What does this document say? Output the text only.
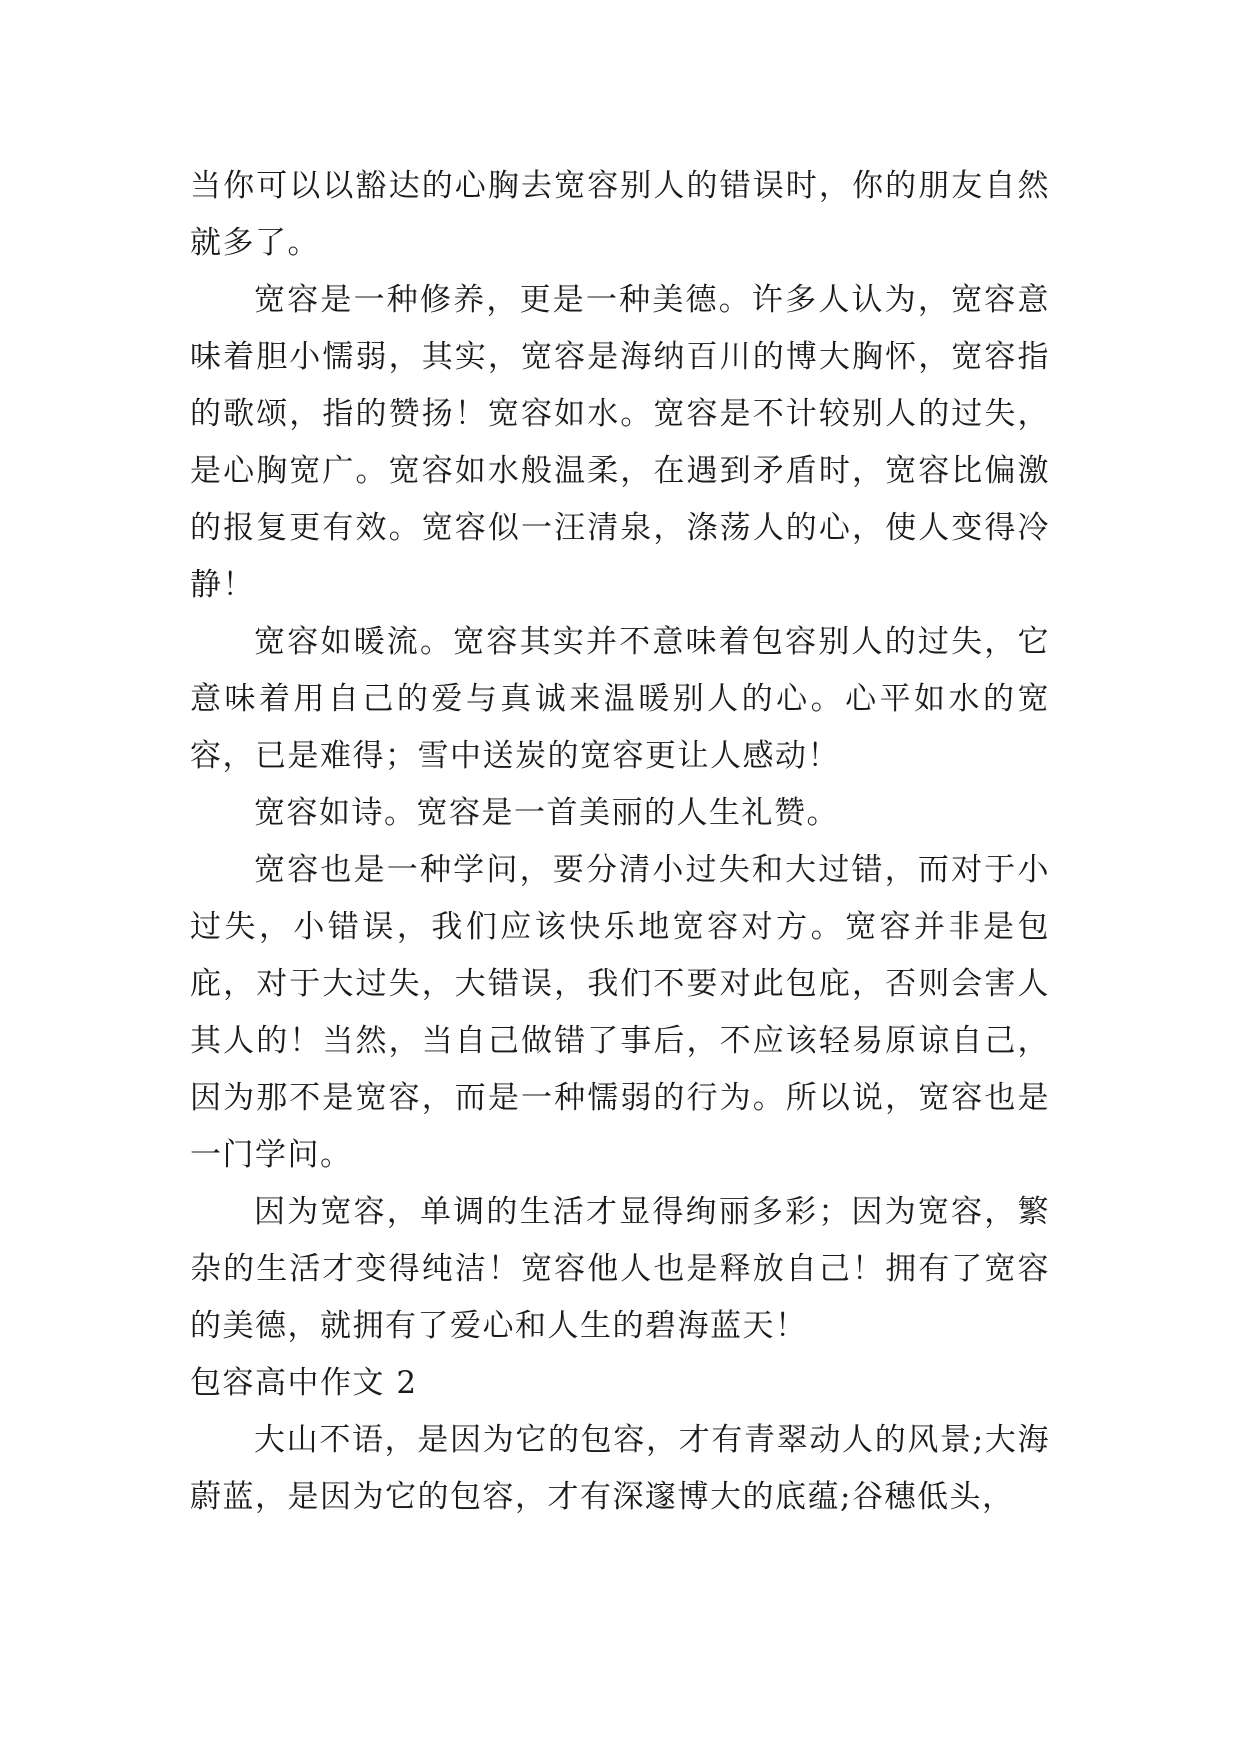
当你可以以豁达的心胸去宽容别人的错误时，你的朋友自然就多了。

宽容是一种修养，更是一种美德。许多人认为，宽容意味着胆小懦弱，其实，宽容是海纳百川的博大胸怀，宽容指的歌颂，指的赞扬！宽容如水。宽容是不计较别人的过失，是心胸宽广。宽容如水般温柔，在遇到矛盾时，宽容比偏激的报复更有效。宽容似一汪清泉，涤荡人的心，使人变得冷静！

宽容如暖流。宽容其实并不意味着包容别人的过失，它意味着用自己的爱与真诚来温暖别人的心。心平如水的宽容，已是难得；雪中送炭的宽容更让人感动！

宽容如诗。宽容是一首美丽的人生礼赞。

宽容也是一种学问，要分清小过失和大过错，而对于小过失，小错误，我们应该快乐地宽容对方。宽容并非是包庇，对于大过失，大错误，我们不要对此包庇，否则会害人其人的！当然，当自己做错了事后，不应该轻易原谅自己，因为那不是宽容，而是一种懦弱的行为。所以说，宽容也是一门学问。

因为宽容，单调的生活才显得绚丽多彩；因为宽容，繁杂的生活才变得纯洁！宽容他人也是释放自己！拥有了宽容的美德，就拥有了爱心和人生的碧海蓝天！

包容高中作文 2

大山不语，是因为它的包容，才有青翠动人的风景;大海蔚蓝，是因为它的包容，才有深邃博大的底蕴;谷穗低头，
